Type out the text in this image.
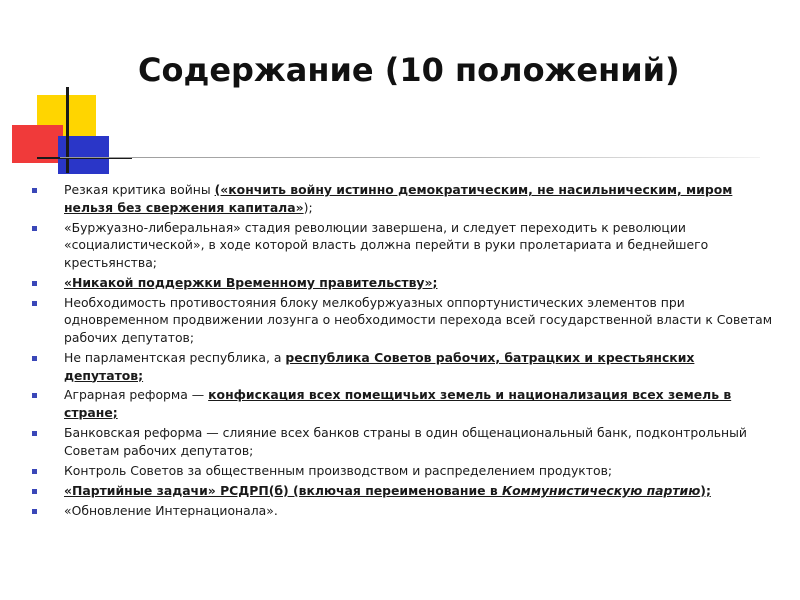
Содержание (10 положений)
Резкая критика войны («кончить войну истинно демократическим, не насильническим, миром нельзя без свержения капитала»);
«Буржуазно-либеральная» стадия революции завершена, и следует переходить к революции «социалистической», в ходе которой власть должна перейти в руки пролетариата и беднейшего крестьянства;
«Никакой поддержки Временному правительству»;
Необходимость противостояния блоку мелкобуржуазных оппортунистических элементов при одновременном продвижении лозунга о необходимости перехода всей государственной власти к Советам рабочих депутатов;
Не парламентская республика, а республика Советов рабочих, батрацких и крестьянских депутатов;
Аграрная реформа — конфискация всех помещичьих земель и национализация всех земель в стране;
Банковская реформа — слияние всех банков страны в один общенациональный банк, подконтрольный Советам рабочих депутатов;
Контроль Советов за общественным производством и распределением продуктов;
«Партийные задачи» РСДРП(б) (включая переименование в Коммунистическую партию);
«Обновление Интернационала».
